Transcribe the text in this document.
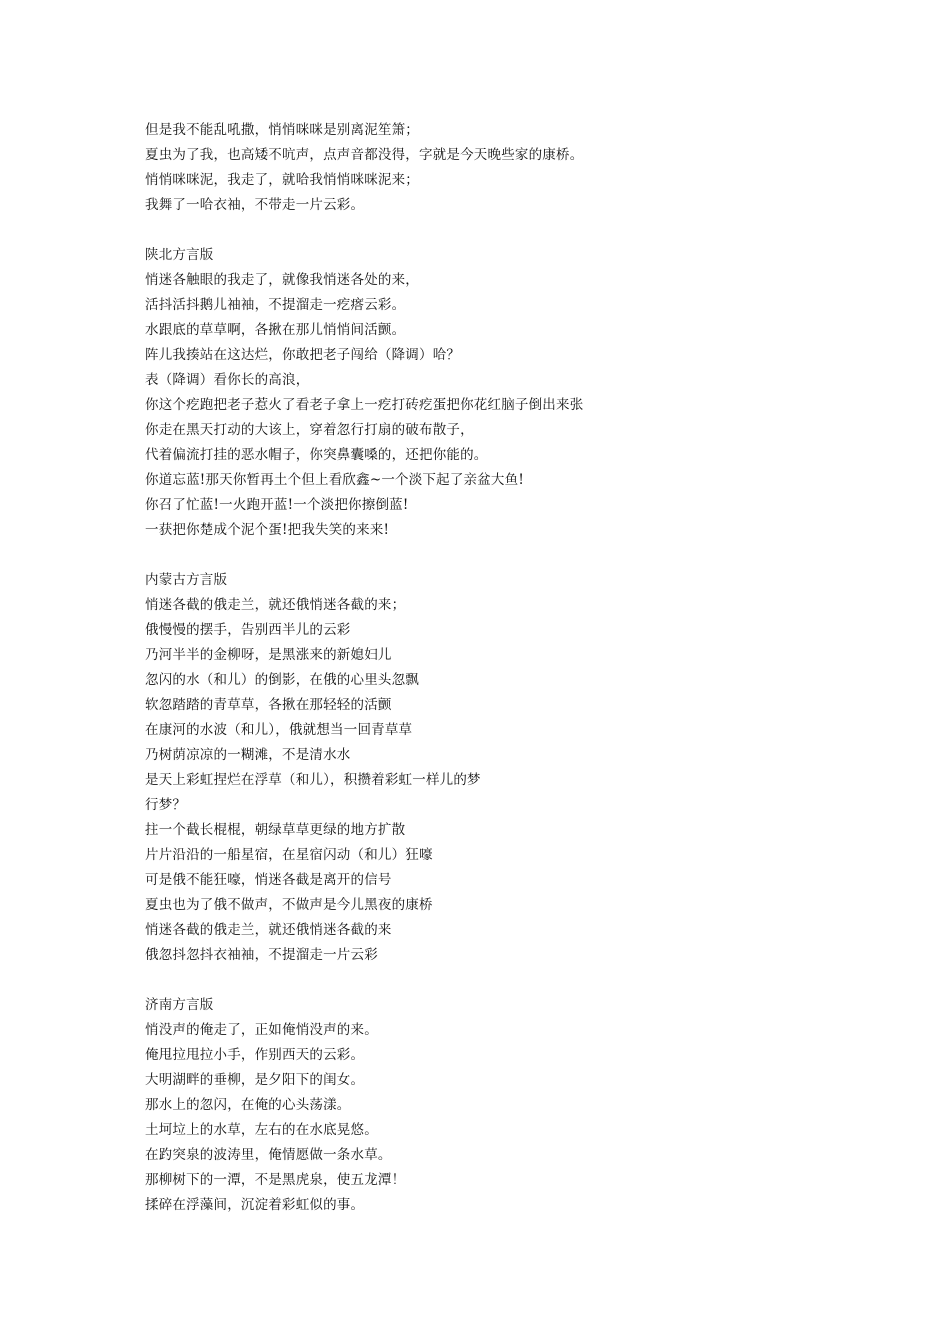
但是我不能乱吼撒，悄悄咪咪是别离泥笙箫；
夏虫为了我，也高矮不吭声，点声音都没得，字就是今天晚些家的康桥。
悄悄咪咪泥，我走了，就哈我悄悄咪咪泥来；
我舞了一哈衣袖，不带走一片云彩。
陕北方言版
悄迷各触眼的我走了，就像我悄迷各处的来，
活抖活抖鹅儿袖袖，不提溜走一疙瘩云彩。
水跟底的草草啊，各揪在那儿悄悄间活颤。
阵儿我揍站在这达烂，你敢把老子闯给（降调）哈？
表（降调）看你长的高浪，
你这个疙跑把老子惹火了看老子拿上一疙打砖疙蛋把你花红脑子倒出来张
你走在黑天打动的大该上，穿着忽行打扇的破布散子，
代着偏流打挂的恶水帽子，你突鼻囊嗓的，还把你能的。
你道忘蓝!那天你暂再土个但上看欣鑫~一个淡下起了亲盆大鱼!
你召了忙蓝!一火跑开蓝!一个淡把你擦倒蓝!
一获把你楚成个泥个蛋!把我失笑的来来!
内蒙古方言版
悄迷各截的俄走兰，就还俄悄迷各截的来；
俄慢慢的摆手，告别西半儿的云彩
乃河半半的金柳呀，是黑涨来的新媳妇儿
忽闪的水（和儿）的倒影，在俄的心里头忽飘
软忽踏踏的青草草，各揪在那轻轻的活颤
在康河的水波（和儿），俄就想当一回青草草
乃树荫凉凉的一糊滩，不是清水水
是天上彩虹捏烂在浮草（和儿），积攒着彩虹一样儿的梦
行梦？
拄一个截长棍棍，朝绿草草更绿的地方扩散
片片沿沿的一船星宿，在星宿闪动（和儿）狂嚎
可是俄不能狂嚎，悄迷各截是离开的信号
夏虫也为了俄不做声，不做声是今儿黑夜的康桥
悄迷各截的俄走兰，就还俄悄迷各截的来
俄忽抖忽抖衣袖袖，不提溜走一片云彩
济南方言版
悄没声的俺走了，正如俺悄没声的来。
俺甩拉甩拉小手，作别西天的云彩。
大明湖畔的垂柳，是夕阳下的闺女。
那水上的忽闪，在俺的心头荡漾。
土坷垃上的水草，左右的在水底晃悠。
在趵突泉的波涛里，俺情愿做一条水草。
那柳树下的一潭，不是黑虎泉，使五龙潭！
揉碎在浮藻间，沉淀着彩虹似的事。
